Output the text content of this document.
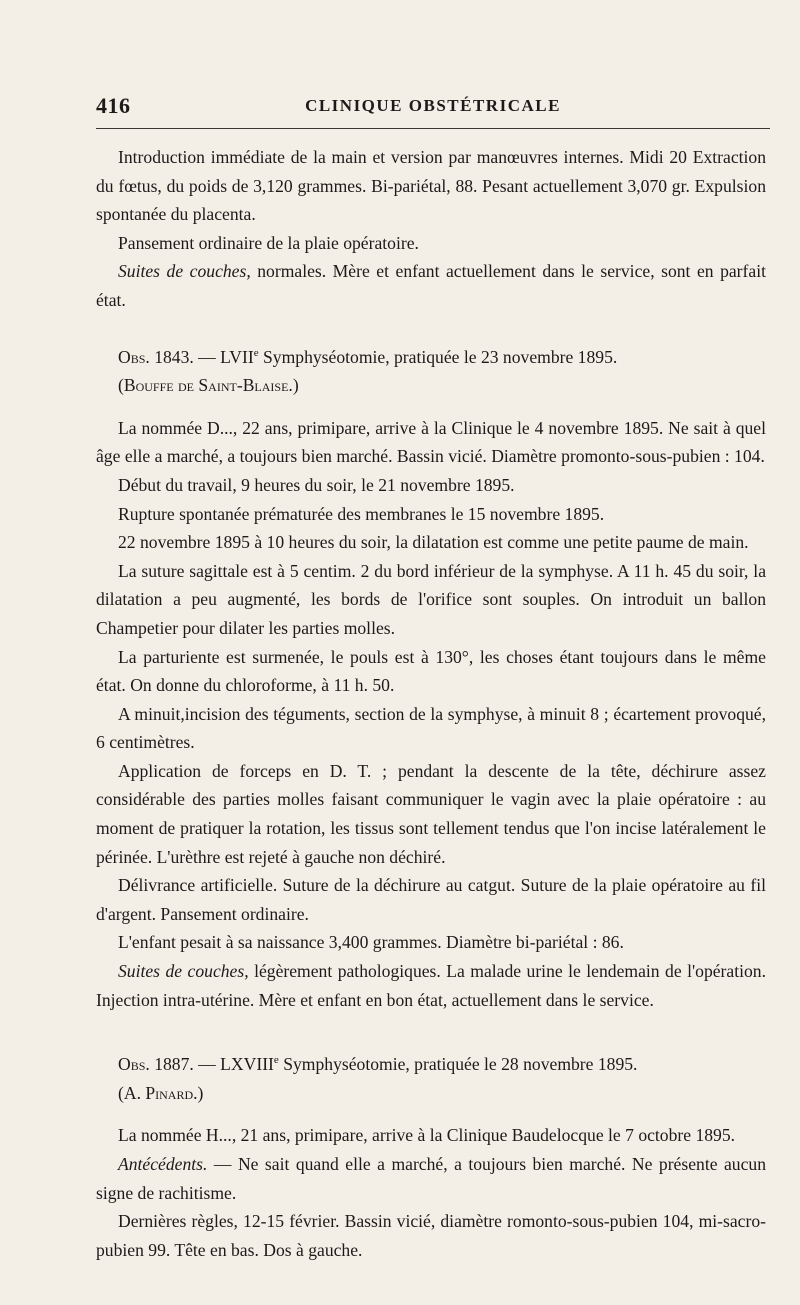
416	CLINIQUE OBSTÉTRICALE

Introduction immédiate de la main et version par manœuvres internes. Midi 20 Extraction du fœtus, du poids de 3,120 grammes. Bi-pariétal, 88. Pesant actuellement 3,070 gr. Expulsion spontanée du placenta.

Pansement ordinaire de la plaie opératoire.

Suites de couches, normales. Mère et enfant actuellement dans le service, sont en parfait état.

Obs. 1843. — LVIIe Symphyséotomie, pratiquée le 23 novembre 1895.

(Bouffe de Saint-Blaise.)

La nommée D..., 22 ans, primipare, arrive à la Clinique le 4 novembre 1895. Ne sait à quel âge elle a marché, a toujours bien marché. Bassin vicié. Diamètre promonto-sous-pubien : 104.

Début du travail, 9 heures du soir, le 21 novembre 1895.

Rupture spontanée prématurée des membranes le 15 novembre 1895.

22 novembre 1895 à 10 heures du soir, la dilatation est comme une petite paume de main.

La suture sagittale est à 5 centim. 2 du bord inférieur de la symphyse. A 11 h. 45 du soir, la dilatation a peu augmenté, les bords de l'orifice sont souples. On introduit un ballon Champetier pour dilater les parties molles.

La parturiente est surmenée, le pouls est à 130°, les choses étant toujours dans le même état. On donne du chloroforme, à 11 h. 50.

A minuit,incision des téguments, section de la symphyse, à minuit 8 ; écartement provoqué, 6 centimètres.

Application de forceps en D. T. ; pendant la descente de la tête, déchirure assez considérable des parties molles faisant communiquer le vagin avec la plaie opératoire : au moment de pratiquer la rotation, les tissus sont tellement tendus que l'on incise latéralement le périnée. L'urèthre est rejeté à gauche non déchiré.

Délivrance artificielle. Suture de la déchirure au catgut. Suture de la plaie opératoire au fil d'argent. Pansement ordinaire.

L'enfant pesait à sa naissance 3,400 grammes. Diamètre bi-pariétal : 86.

Suites de couches, légèrement pathologiques. La malade urine le lendemain de l'opération. Injection intra-utérine. Mère et enfant en bon état, actuellement dans le service.

Obs. 1887. — LXVIIIe Symphyséotomie, pratiquée le 28 novembre 1895.

(A. Pinard.)

La nommée H..., 21 ans, primipare, arrive à la Clinique Baudelocque le 7 octobre 1895.

Antécédents. — Ne sait quand elle a marché, a toujours bien marché. Ne présente aucun signe de rachitisme.

Dernières règles, 12-15 février. Bassin vicié, diamètre romonto-sous-pubien 104, mi-sacro-pubien 99. Tête en bas. Dos à gauche.
